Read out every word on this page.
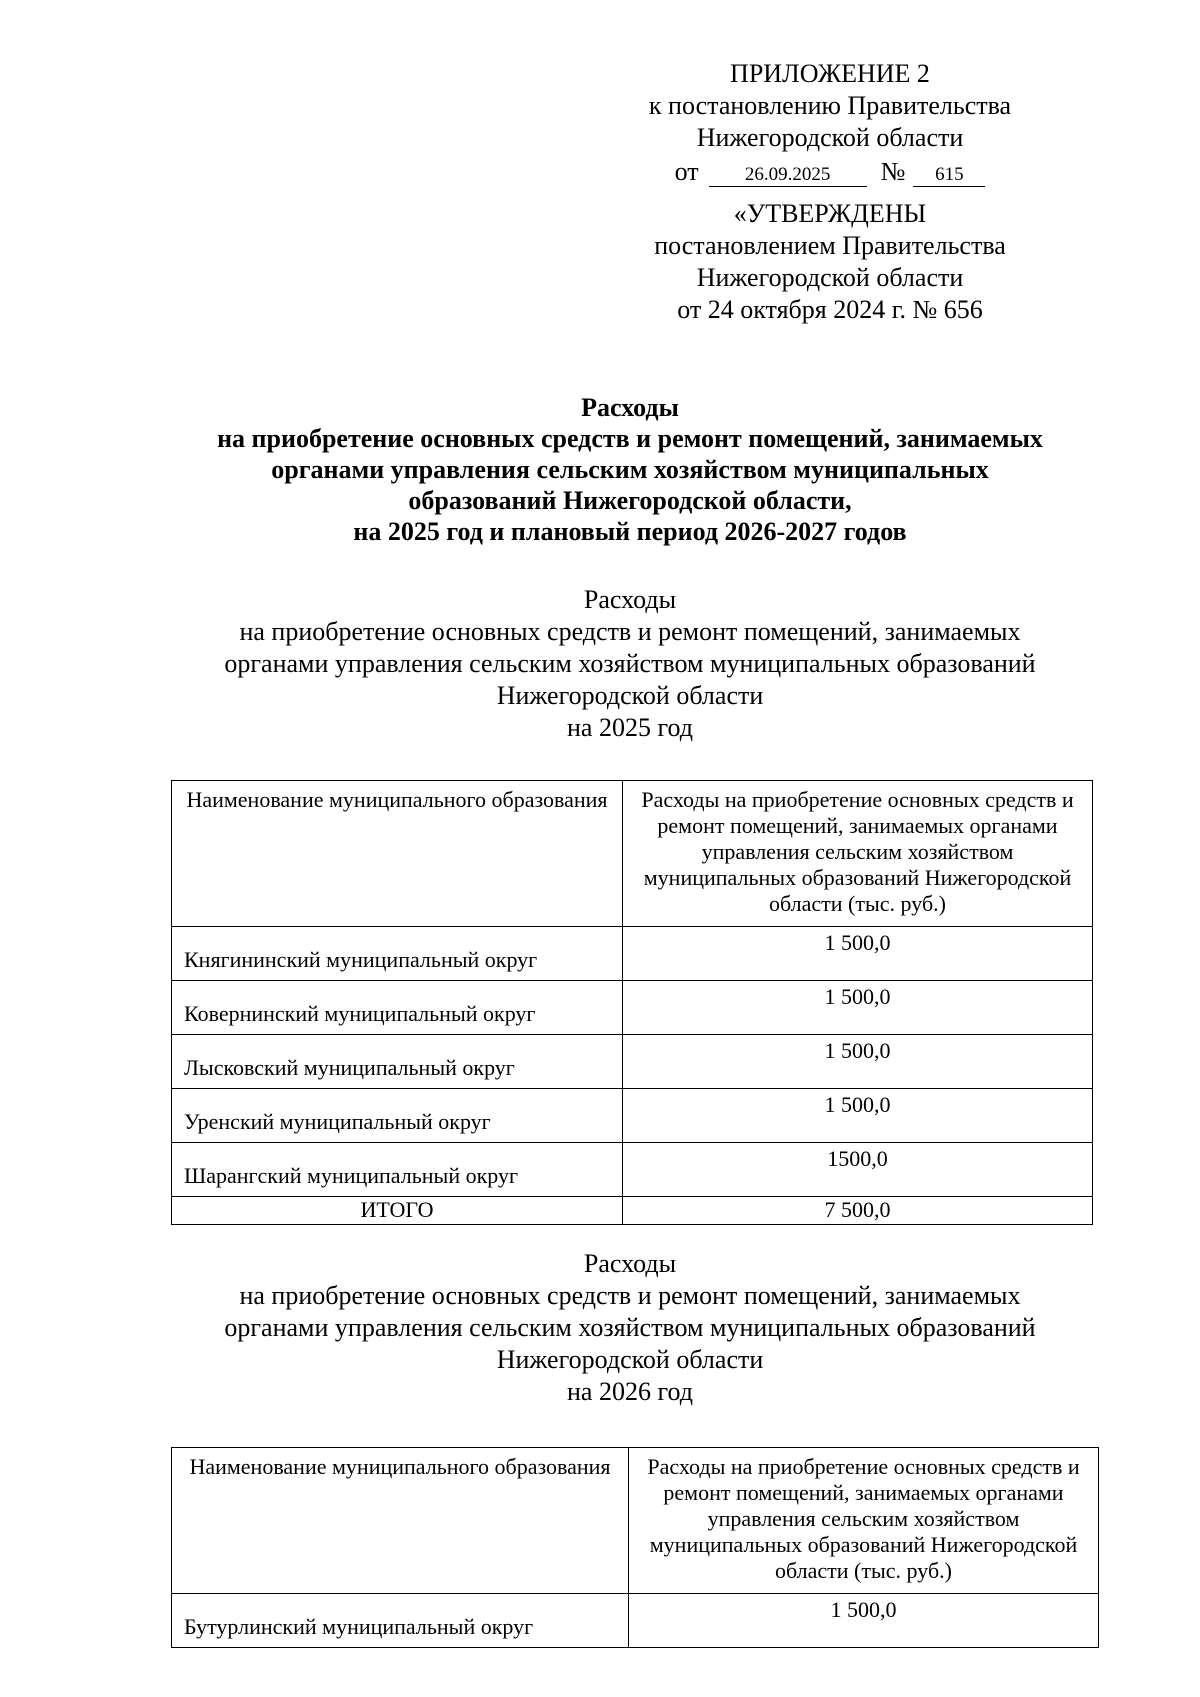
ПРИЛОЖЕНИЕ 2
к постановлению Правительства
Нижегородской области
от 26.09.2025 № 615
«УТВЕРЖДЕНЫ
постановлением Правительства
Нижегородской области
от 24 октября 2024 г. № 656
Расходы
на приобретение основных средств и ремонт помещений, занимаемых
органами управления сельским хозяйством муниципальных
образований Нижегородской области,
на 2025 год и плановый период 2026-2027 годов
Расходы
на приобретение основных средств и ремонт помещений, занимаемых
органами управления сельским хозяйством муниципальных образований
Нижегородской области
на 2025 год
Наименование муниципального образования	Расходы на приобретение основных средств и ремонт помещений, занимаемых органами управления сельским хозяйством муниципальных образований Нижегородской области (тыс. руб.)
Княгининский муниципальный округ	1 500,0
Ковернинский муниципальный округ	1 500,0
Лысковский муниципальный округ	1 500,0
Уренский муниципальный округ	1 500,0
Шарангский муниципальный округ	1500,0
ИТОГО	7 500,0
Расходы
на приобретение основных средств и ремонт помещений, занимаемых
органами управления сельским хозяйством муниципальных образований
Нижегородской области
на 2026 год
Наименование муниципального образования	Расходы на приобретение основных средств и ремонт помещений, занимаемых органами управления сельским хозяйством муниципальных образований Нижегородской области (тыс. руб.)
Бутурлинский муниципальный округ	1 500,0
